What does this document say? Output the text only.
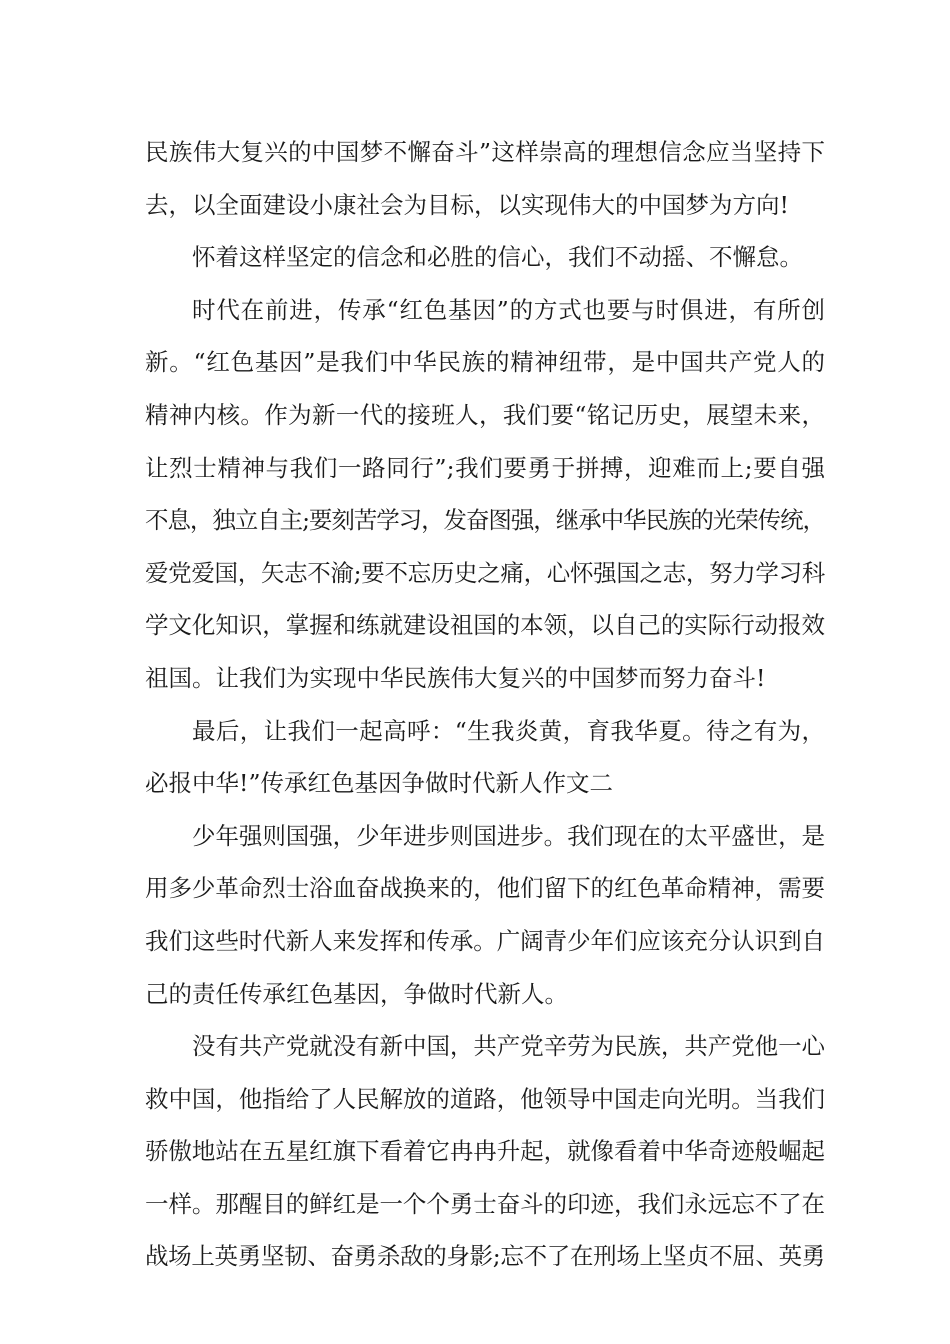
民族伟大复兴的中国梦不懈奋斗”这样崇高的理想信念应当坚持下
去，以全面建设小康社会为目标，以实现伟大的中国梦为方向!
怀着这样坚定的信念和必胜的信心，我们不动摇、不懈怠。
时代在前进，传承“红色基因”的方式也要与时俱进，有所创
新。“红色基因”是我们中华民族的精神纽带，是中国共产党人的
精神内核。作为新一代的接班人，我们要“铭记历史，展望未来，
让烈士精神与我们一路同行”;我们要勇于拼搏，迎难而上;要自强
不息，独立自主;要刻苦学习，发奋图强，继承中华民族的光荣传统，
爱党爱国，矢志不渝;要不忘历史之痛，心怀强国之志，努力学习科
学文化知识，掌握和练就建设祖国的本领，以自己的实际行动报效
祖国。让我们为实现中华民族伟大复兴的中国梦而努力奋斗!
最后，让我们一起高呼：“生我炎黄，育我华夏。待之有为，
必报中华!”传承红色基因争做时代新人作文二
少年强则国强，少年进步则国进步。我们现在的太平盛世，是
用多少革命烈士浴血奋战换来的，他们留下的红色革命精神，需要
我们这些时代新人来发挥和传承。广阔青少年们应该充分认识到自
己的责任传承红色基因，争做时代新人。
没有共产党就没有新中国，共产党辛劳为民族，共产党他一心
救中国，他指给了人民解放的道路，他领导中国走向光明。当我们
骄傲地站在五星红旗下看着它冉冉升起，就像看着中华奇迹般崛起
一样。那醒目的鲜红是一个个勇士奋斗的印迹，我们永远忘不了在
战场上英勇坚韧、奋勇杀敌的身影;忘不了在刑场上坚贞不屈、英勇
